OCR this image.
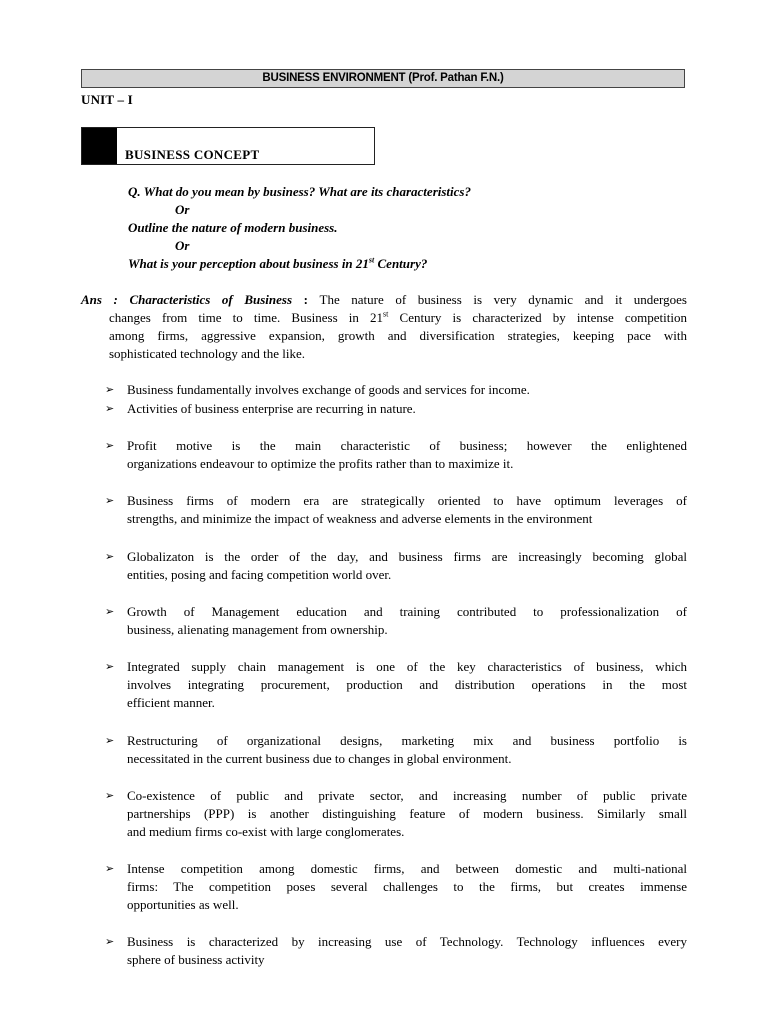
BUSINESS ENVIRONMENT (Prof. Pathan F.N.)
UNIT – I
BUSINESS CONCEPT
Q. What do you mean by business? What are its characteristics?
Or
Outline the nature of modern business.
Or
What is your perception about business in 21st Century?
Ans : Characteristics of Business : The nature of business is very dynamic and it undergoes
changes from time to time. Business in 21st Century is characterized by intense competition
among firms, aggressive expansion, growth and diversification strategies, keeping pace with
sophisticated technology and the like.
➢ Business fundamentally involves exchange of goods and services for income.
➢ Activities of business enterprise are recurring in nature.
➢ Profit motive is the main characteristic of business; however the enlightened
organizations endeavour to optimize the profits rather than to maximize it.
➢ Business firms of modern era are strategically oriented to have optimum leverages of
strengths, and minimize the impact of weakness and adverse elements in the environment
➢ Globalizaton is the order of the day, and business firms are increasingly becoming global
entities, posing and facing competition world over.
➢ Growth of Management education and training contributed to professionalization of
business, alienating management from ownership.
➢ Integrated supply chain management is one of the key characteristics of business, which
involves integrating procurement, production and distribution operations in the most
efficient manner.
➢ Restructuring of organizational designs, marketing mix and business portfolio is
necessitated in the current business due to changes in global environment.
➢ Co-existence of public and private sector, and increasing number of public private
partnerships (PPP) is another distinguishing feature of modern business. Similarly small
and medium firms co-exist with large conglomerates.
➢ Intense competition among domestic firms, and between domestic and multi-national
firms: The competition poses several challenges to the firms, but creates immense
opportunities as well.
➢ Business is characterized by increasing use of Technology. Technology influences every
sphere of business activity
